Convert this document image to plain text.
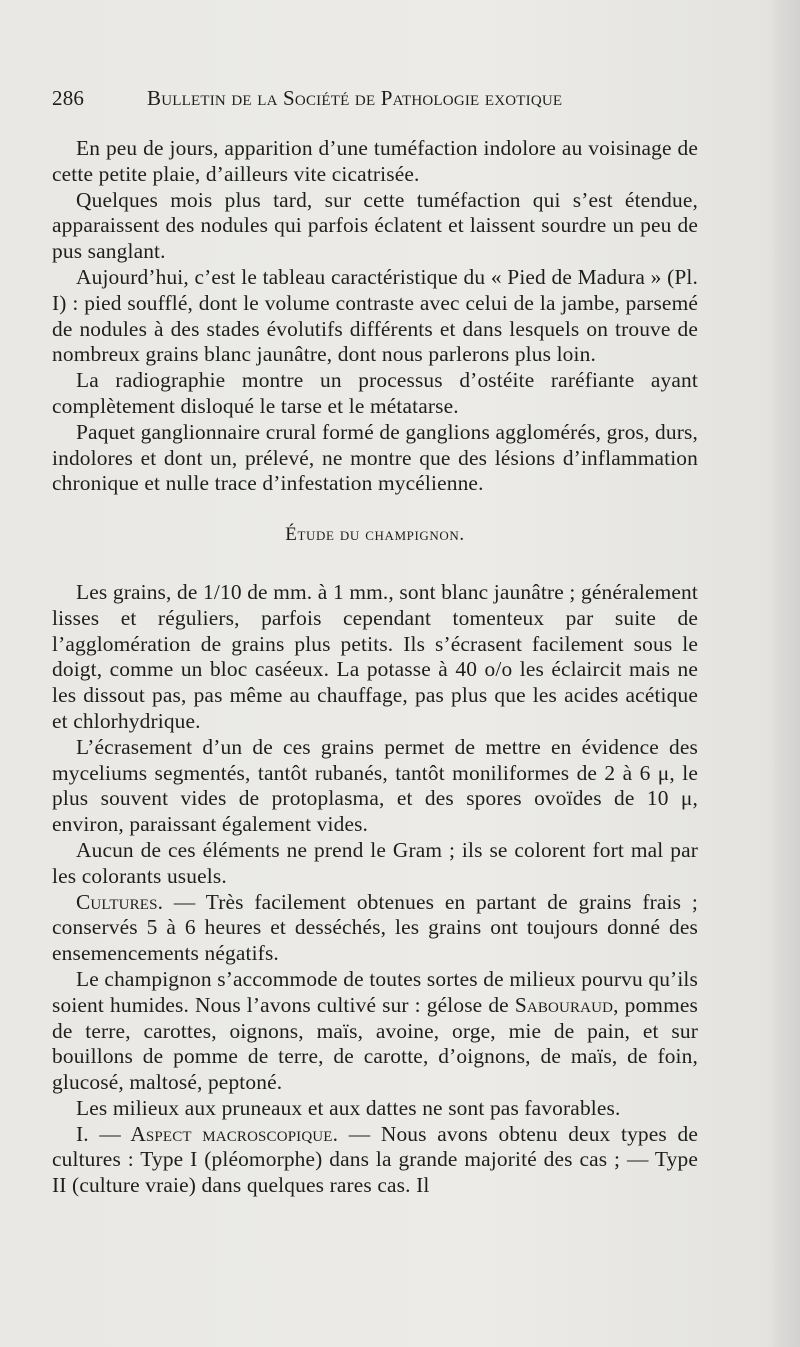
286	Bulletin de la Société de Pathologie exotique

En peu de jours, apparition d’une tuméfaction indolore au voisinage de cette petite plaie, d’ailleurs vite cicatrisée.

Quelques mois plus tard, sur cette tuméfaction qui s’est étendue, apparaissent des nodules qui parfois éclatent et laissent sourdre un peu de pus sanglant.

Aujourd’hui, c’est le tableau caractéristique du « Pied de Madura » (Pl. I) : pied soufflé, dont le volume contraste avec celui de la jambe, parsemé de nodules à des stades évolutifs différents et dans lesquels on trouve de nombreux grains blanc jaunâtre, dont nous parlerons plus loin.

La radiographie montre un processus d’ostéite raréfiante ayant complètement disloqué le tarse et le métatarse.

Paquet ganglionnaire crural formé de ganglions agglomérés, gros, durs, indolores et dont un, prélevé, ne montre que des lésions d’inflammation chronique et nulle trace d’infestation mycélienne.

Étude du champignon.

Les grains, de 1/10 de mm. à 1 mm., sont blanc jaunâtre ; généralement lisses et réguliers, parfois cependant tomenteux par suite de l’agglomération de grains plus petits. Ils s’écrasent facilement sous le doigt, comme un bloc caséeux. La potasse à 40 o/o les éclaircit mais ne les dissout pas, pas même au chauffage, pas plus que les acides acétique et chlorhydrique.

L’écrasement d’un de ces grains permet de mettre en évidence des myceliums segmentés, tantôt rubanés, tantôt moniliformes de 2 à 6 μ, le plus souvent vides de protoplasma, et des spores ovoïdes de 10 μ, environ, paraissant également vides.

Aucun de ces éléments ne prend le Gram ; ils se colorent fort mal par les colorants usuels.

Cultures. — Très facilement obtenues en partant de grains frais ; conservés 5 à 6 heures et desséchés, les grains ont toujours donné des ensemencements négatifs.

Le champignon s’accommode de toutes sortes de milieux pourvu qu’ils soient humides. Nous l’avons cultivé sur : gélose de Sabouraud, pommes de terre, carottes, oignons, maïs, avoine, orge, mie de pain, et sur bouillons de pomme de terre, de carotte, d’oignons, de maïs, de foin, glucosé, maltosé, peptoné.

Les milieux aux pruneaux et aux dattes ne sont pas favorables.

I. — Aspect macroscopique. — Nous avons obtenu deux types de cultures : Type I (pléomorphe) dans la grande majorité des cas ; — Type II (culture vraie) dans quelques rares cas. Il
